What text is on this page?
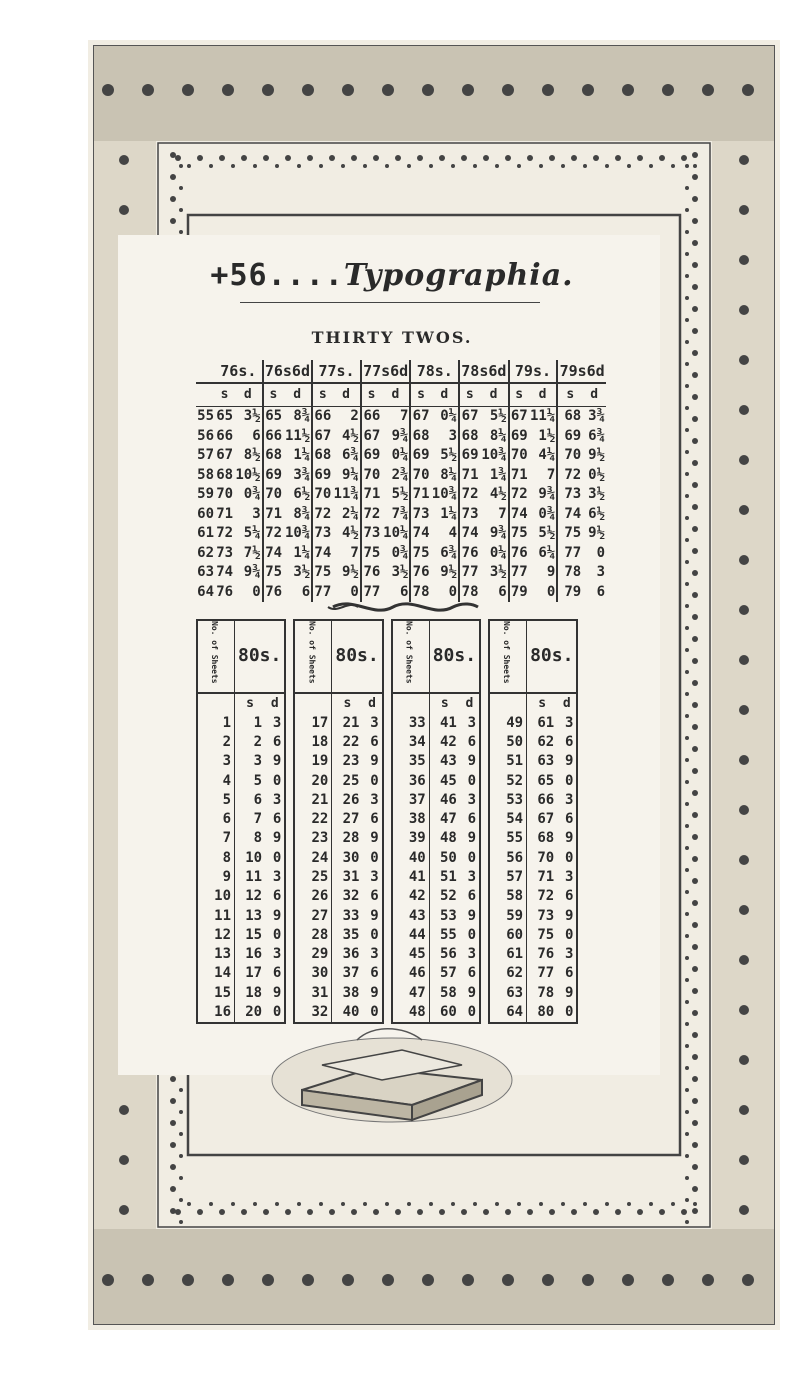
+56....Typographia.
THIRTY TWOS.
	76s.		76s6d		77s.		77s6d		78s.		78s6d		79s.		79s6d	
	s	d	s	d	s	d	s	d	s	d	s	d	s	d	s	d
55	65	3½	65	8¾	66	2	66	7	67	0¼	67	5½	67	11¼	68	3¾
56	66	6	66	11½	67	4½	67	9¾	68	3	68	8¼	69	1½	69	6¾
57	67	8½	68	1¼	68	6¾	69	0¼	69	5½	69	10¾	70	4¼	70	9½
58	68	10½	69	3¾	69	9¼	70	2¾	70	8¼	71	1¾	71	7	72	0½
59	70	0¾	70	6½	70	11¾	71	5½	71	10¾	72	4½	72	9¾	73	3½
60	71	3	71	8¾	72	2¼	72	7¾	73	1¼	73	7	74	0¾	74	6½
61	72	5¼	72	10¾	73	4½	73	10¼	74	4	74	9¾	75	5½	75	9½
62	73	7½	74	1¼	74	7	75	0¾	75	6¾	76	0¼	76	6¼	77	0
63	74	9¾	75	3½	75	9½	76	3½	76	9½	77	3½	77	9	78	3
64	76	0	76	6	77	0	77	6	78	0	78	6	79	0	79	6
No. of Sheets	80s.	
	s	d
1	1	3
2	2	6
3	3	9
4	5	0
5	6	3
6	7	6
7	8	9
8	10	0
9	11	3
10	12	6
11	13	9
12	15	0
13	16	3
14	17	6
15	18	9
16	20	0
No. of Sheets	80s.	
	s	d
17	21	3
18	22	6
19	23	9
20	25	0
21	26	3
22	27	6
23	28	9
24	30	0
25	31	3
26	32	6
27	33	9
28	35	0
29	36	3
30	37	6
31	38	9
32	40	0
No. of Sheets	80s.	
	s	d
33	41	3
34	42	6
35	43	9
36	45	0
37	46	3
38	47	6
39	48	9
40	50	0
41	51	3
42	52	6
43	53	9
44	55	0
45	56	3
46	57	6
47	58	9
48	60	0
No. of Sheets	80s.	
	s	d
49	61	3
50	62	6
51	63	9
52	65	0
53	66	3
54	67	6
55	68	9
56	70	0
57	71	3
58	72	6
59	73	9
60	75	0
61	76	3
62	77	6
63	78	9
64	80	0
